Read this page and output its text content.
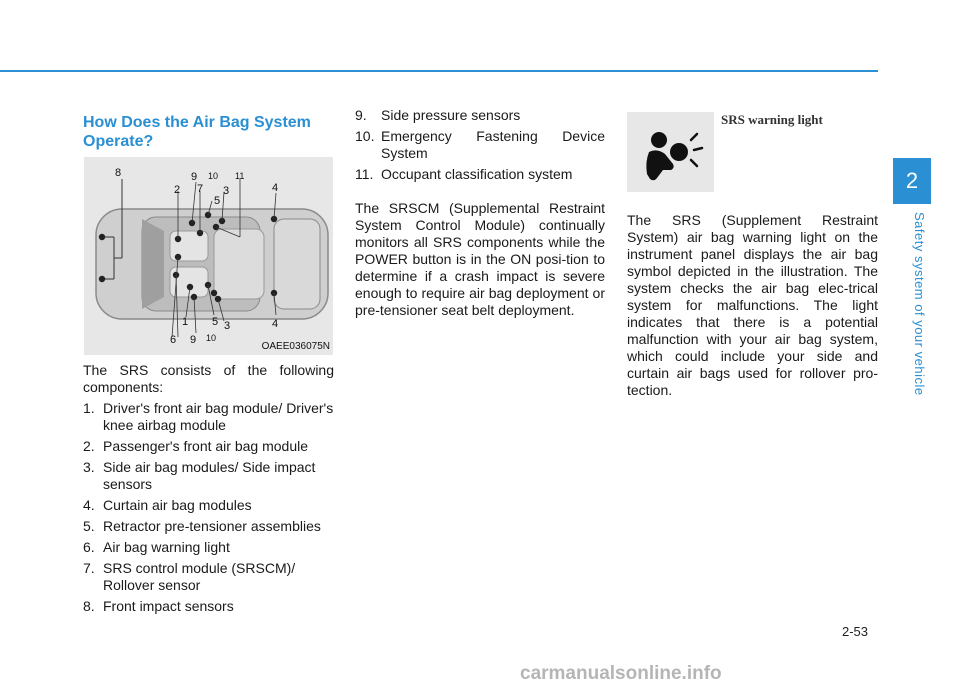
2
Safety system of your vehicle
How Does the Air Bag System Operate?
8	9 10 11
2 7 3
5
4
1 5 3	4
6 9 10
OAEE036075N

The SRS consists of the following components:

1. Driver's front air bag module/ Driver's knee airbag module
2. Passenger's front air bag module
3. Side air bag modules/ Side impact sensors
4. Curtain air bag modules
5. Retractor pre-tensioner assemblies
6. Air bag warning light
7. SRS control module (SRSCM)/ Rollover sensor
8. Front impact sensors
9. Side pressure sensors
10. Emergency Fastening Device System
11. Occupant classification system

The SRSCM (Supplemental Restraint System Control Module) continually monitors all SRS components while the POWER button is in the ON posi-tion to determine if a crash impact is severe enough to require air bag deployment or pre-tensioner seat belt deployment.

SRS warning light

The SRS (Supplement Restraint System) air bag warning light on the instrument panel displays the air bag symbol depicted in the illustration. The system checks the air bag elec-trical system for malfunctions. The light indicates that there is a potential malfunction with your air bag system, which could include your side and curtain air bags used for rollover pro-tection.

2-53
carmanualsonline.info
